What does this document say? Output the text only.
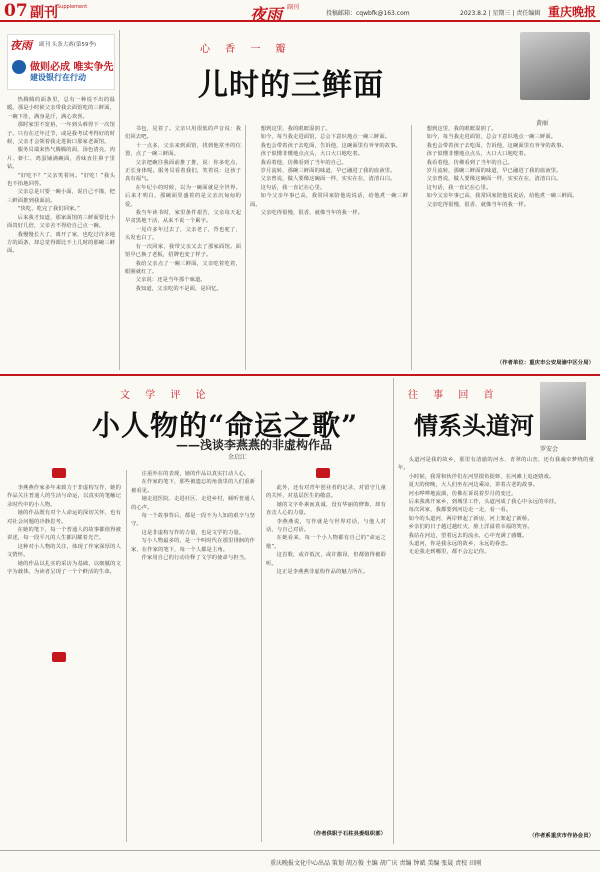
07 副刊 Supplement	夜雨 副刊
投稿邮箱：cqwbfk@163.com	2023.8.2 | 星期三 | 责任编辑 重庆晚报
夜雨 副刊 头条大赛(第59季)
做则必成 唯实争先
建设银行在行动
心 香 一 瓣
儿时的三鲜面
黄丽

热腾腾的面条里，总有一种说不出的温暖。那是小时候父亲带我去面馆吃的三鲜面，一碗下肚，满身是汗，满心欢喜。

那时家里不宽裕，一年到头难得下一次馆子。只有在过年过节，或是我考试考得好的时候，父亲才会领着我走进街口那家老面馆。

服务员端来热气腾腾的面，汤色清亮，肉片、虾仁、鸡蛋铺满碗面，香味直往鼻子里钻。

“好吃不？”父亲笑着问。“好吃！”我头也不抬地回答。

父亲总是只要一碗小面，说自己不饿，把三鲜面推到我面前。

“快吃，吃完了我们回家。”

后来我才知道，那家面馆的三鲜面要比小面贵好几倍，父亲舍不得给自己点一碗。

我慢慢长大了，离开了家，也吃过许多地方的面条，却总觉得都比不上儿时的那碗三鲜面。

书包，晃着了。父亲只用很低的声音说：我们回去吧。

十一点多，父亲来到面馆，找到他常坐的位置，点了一碗三鲜面。

父亲把碗往我面前推了推，说：你多吃点，正长身体呢。服务员看着我们，笑着说：这孩子真有福气。

在年纪小的时候，以为一碗面就是全世界。后来才明白，那碗面里盛着的是父亲沉甸甸的爱。

我当年读书时，家里条件艰苦，父亲每天起早贪黑地干活，从来不说一个累字。

一晃许多年过去了，父亲老了，背也驼了，头发也白了。

有一次回家，我带父亲又去了那家面馆。面馆早已换了老板，招牌也变了样子。

我给父亲点了一碗三鲜面，父亲吃着吃着，眼圈就红了。

父亲说：还是当年那个味道。

我知道，父亲吃的不是面，是回忆。

想到这里，我的眼眶湿润了。

如今，每当我走进面馆，总会下意识地点一碗三鲜面。

我也会带着孩子去吃面，告诉他，这碗面里有爷爷的故事。

孩子似懂非懂地点点头，大口大口地吃着。

我看着他，仿佛看到了当年的自己。

岁月流转，那碗三鲜面的味道，早已融进了我的血液里。

父亲曾说，做人要像这碗面一样，实实在在，清清白白。

这句话，我一直记在心里。

如今父亲年事已高，我常回家陪他说说话，给他煮一碗三鲜面。

父亲吃得很慢，很香，就像当年的我一样。

想到这里，我的眼眶湿润了。

如今，每当我走进面馆，总会下意识地点一碗三鲜面。

我也会带着孩子去吃面，告诉他，这碗面里有爷爷的故事。

孩子似懂非懂地点点头，大口大口地吃着。

我看着他，仿佛看到了当年的自己。

岁月流转，那碗三鲜面的味道，早已融进了我的血液里。

父亲曾说，做人要像这碗面一样，实实在在，清清白白。

这句话，我一直记在心里。

如今父亲年事已高，我常回家陪他说说话，给他煮一碗三鲜面。

父亲吃得很慢，很香，就像当年的我一样。

（作者单位：重庆市公安局渝中区分局）
文 学 评 论
小人物的“命运之歌”
——浅谈李燕燕的非虚构作品
余启江

李燕燕作家多年来致力于非虚构写作，她的作品关注普通人的生活与命运，以真实的笔触记录时代中的小人物。

她的作品既有对个人命运的深切关怀，也有对社会问题的冷静思考。

在她的笔下，每一个普通人的故事都值得被讲述，每一段平凡的人生都闪耀着光芒。

这种对小人物的关注，体现了作家深厚的人文情怀。

她的作品以扎实的采访为基础，以细腻的文字为载体，为读者呈现了一个个鲜活的生命。

注重外在的表现，她的作品以真实打动人心。

在作家的笔下，那些被遗忘的角落里的人们重新被看见。

她走进医院、走进社区、走进乡村，倾听普通人的心声。

每一个故事背后，都是一段不为人知的艰辛与坚守。

这是非虚构写作的力量，也是文学的力量。

写小人物最多的，是一个叫时代在那里徘徊的作家，在作家的笔下，每一个人都是主角。

作家用自己的行动诠释了文学的使命与担当。

此外，还有对青年创业者的记录，对留守儿童的关怀，对基层医生的敬意。

她的文字朴素而真诚，没有华丽的修饰，却有直击人心的力量。

李燕燕说，写作就是与世界对话，与他人对话，与自己对话。

在她看来，每一个小人物都有自己的“命运之歌”。

这首歌，或许低沉，或许激昂，但都值得被聆听。

这正是李燕燕非虚构作品的魅力所在。

（作者供职于石柱县委组织部）
往 事 回 首
情系头道河
罗安会

头道河是我的故乡，那里有清澈的河水、青翠的山峦，还有我魂牵梦绕的童年。

小时候，我常和伙伴们在河里摸鱼捉虾，在河滩上追逐嬉戏。

夏天的傍晚，大人们坐在河边乘凉，讲着古老的故事。

河水哗哗地流淌，仿佛在诉说着岁月的变迁。

后来我离开家乡，到城里工作，头道河成了我心中永远的牵挂。

每次回家，我都要到河边走一走，看一看。

如今的头道河，两岸修起了新房，河上架起了新桥。

乡亲们的日子越过越红火，脸上洋溢着幸福的笑容。

我站在河边，望着远去的流水，心中充满了感慨。

头道河，你是我永远的故乡，永远的眷恋。

无论我走到哪里，都不会忘记你。

（作者系重庆市作协会员）
重庆晚报文化中心出品 策划 胡万俊 主编 胡广庆 责编 钟斌 美编 张晟 责校 田刚
